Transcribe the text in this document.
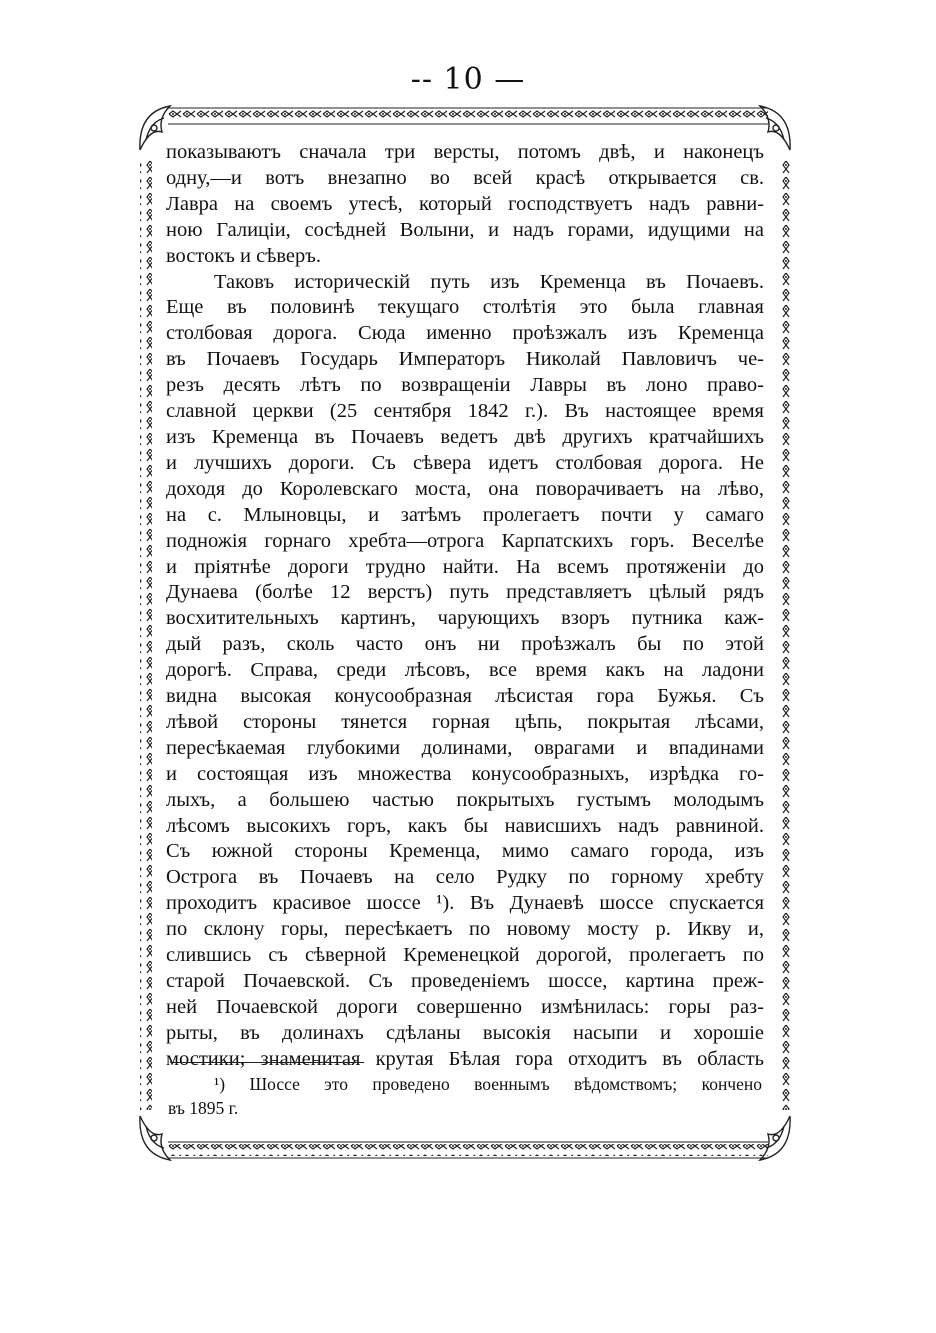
-- 10 —

показываютъ сначала три версты, потомъ двѣ, и наконецъ
одну,—и вотъ внезапно во всей красѣ открывается св.
Лавра на своемъ утесѣ, который господствуетъ надъ равни-
ною Галиціи, сосѣдней Волыни, и надъ горами, идущими на
востокъ и сѣверъ.

Таковъ историческій путь изъ Кременца въ Почаевъ.
Еще въ половинѣ текущаго столѣтія это была главная
столбовая дорога. Сюда именно проѣзжалъ изъ Кременца
въ Почаевъ Государь Императоръ Николай Павловичъ че-
резъ десять лѣтъ по возвращеніи Лавры въ лоно право-
славной церкви (25 сентября 1842 г.). Въ настоящее время
изъ Кременца въ Почаевъ ведетъ двѣ другихъ кратчайшихъ
и лучшихъ дороги. Съ сѣвера идетъ столбовая дорога. Не
доходя до Королевскаго моста, она поворачиваетъ на лѣво,
на с. Млыновцы, и затѣмъ пролегаетъ почти у самаго
подножія горнаго хребта—отрога Карпатскихъ горъ. Веселѣе
и пріятнѣе дороги трудно найти. На всемъ протяженіи до
Дунаева (болѣе 12 верстъ) путь представляетъ цѣлый рядъ
восхитительныхъ картинъ, чарующихъ взоръ путника каж-
дый разъ, сколь часто онъ ни проѣзжалъ бы по этой
дорогѣ. Справа, среди лѣсовъ, все время какъ на ладони
видна высокая конусообразная лѣсистая гора Бужья. Съ
лѣвой стороны тянется горная цѣпь, покрытая лѣсами,
пересѣкаемая глубокими долинами, оврагами и впадинами
и состоящая изъ множества конусообразныхъ, изрѣдка го-
лыхъ, а большею частью покрытыхъ густымъ молодымъ
лѣсомъ высокихъ горъ, какъ бы нависшихъ надъ равниной.
Съ южной стороны Кременца, мимо самаго города, изъ
Острога въ Почаевъ на село Рудку по горному хребту
проходитъ красивое шоссе ¹). Въ Дунаевѣ шоссе спускается
по склону горы, пересѣкаетъ по новому мосту р. Икву и,
слившись съ сѣверной Кременецкой дорогой, пролегаетъ по
старой Почаевской. Съ проведеніемъ шоссе, картина преж-
ней Почаевской дороги совершенно измѣнилась: горы раз-
рыты, въ долинахъ сдѣланы высокія насыпи и хорошіе
мостики; знаменитая крутая Бѣлая гора отходитъ въ область

¹) Шоссе это проведено военнымъ вѣдомствомъ; кончено
въ 1895 г.
